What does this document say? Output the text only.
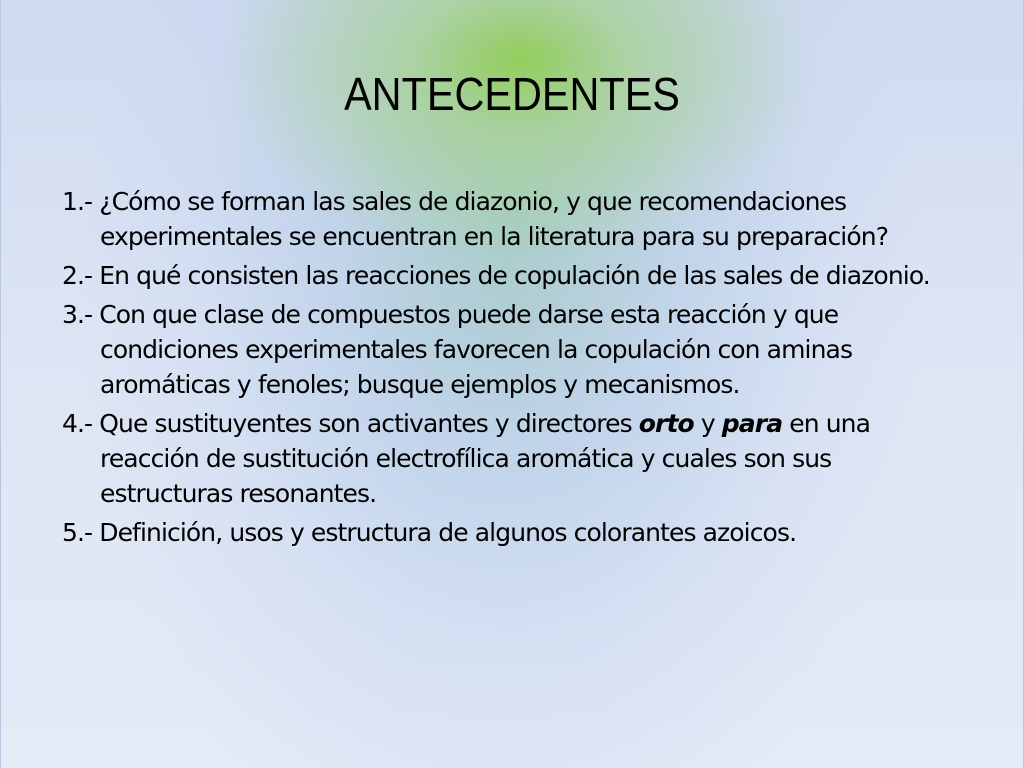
ANTECEDENTES
1.- ¿Cómo se forman las sales de diazonio, y que recomendaciones experimentales se encuentran en la literatura para su preparación?
2.- En qué consisten las reacciones de copulación de las sales de diazonio.
3.- Con que clase de compuestos puede darse esta reacción y que condiciones experimentales favorecen la copulación con aminas aromáticas y fenoles; busque ejemplos y mecanismos.
4.- Que sustituyentes son activantes y directores orto y para en una reacción de sustitución electrofílica aromática y cuales son sus estructuras resonantes.
5.- Definición, usos y estructura de algunos colorantes azoicos.
